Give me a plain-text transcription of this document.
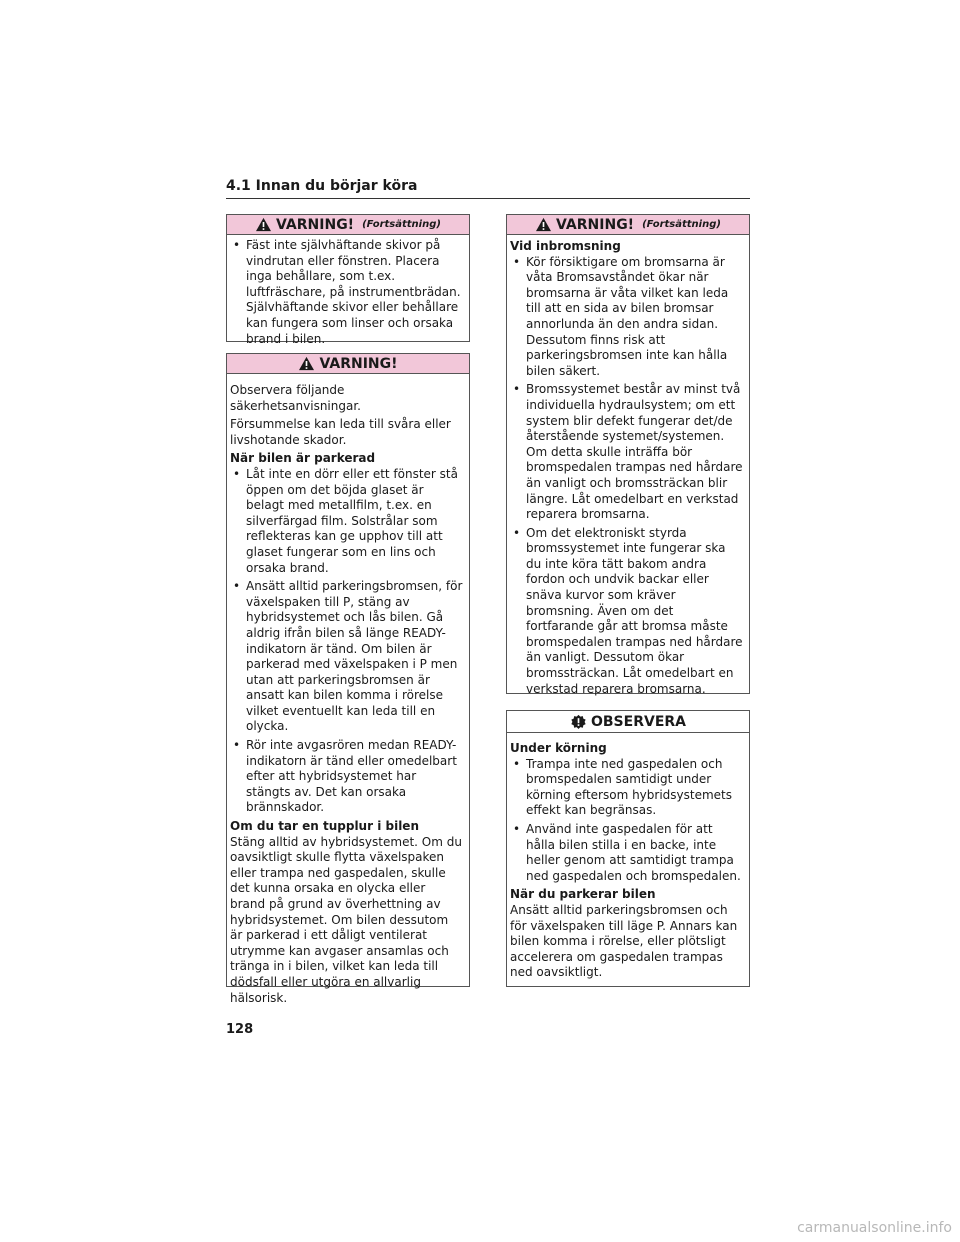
4.1 Innan du börjar köra
VARNING! (Fortsättning)
• Fäst inte självhäftande skivor på vindrutan eller fönstren. Placera inga behållare, som t.ex. luftfräschare, på instrumentbrädan. Självhäftande skivor eller behållare kan fungera som linser och orsaka brand i bilen.
VARNING!

Observera följande säkerhetsanvisningar.

Försummelse kan leda till svåra eller livshotande skador.

När bilen är parkerad
• Låt inte en dörr eller ett fönster stå öppen om det böjda glaset är belagt med metallfilm, t.ex. en silverfärgad film. Solstrålar som reflekteras kan ge upphov till att glaset fungerar som en lins och orsaka brand.
• Ansätt alltid parkeringsbromsen, för växelspaken till P, stäng av hybridsystemet och lås bilen. Gå aldrig ifrån bilen så länge READY-indikatorn är tänd. Om bilen är parkerad med växelspaken i P men utan att parkeringsbromsen är ansatt kan bilen komma i rörelse vilket eventuellt kan leda till en olycka.
• Rör inte avgasrören medan READY-indikatorn är tänd eller omedelbart efter att hybridsystemet har stängts av. Det kan orsaka brännskador.
Om du tar en tupplur i bilen

Stäng alltid av hybridsystemet. Om du oavsiktligt skulle flytta växelspaken eller trampa ned gaspedalen, skulle det kunna orsaka en olycka eller brand på grund av överhettning av hybridsystemet. Om bilen dessutom är parkerad i ett dåligt ventilerat utrymme kan avgaser ansamlas och tränga in i bilen, vilket kan leda till dödsfall eller utgöra en allvarlig hälsorisk.

VARNING! (Fortsättning)
Vid inbromsning
• Kör försiktigare om bromsarna är våta Bromsavståndet ökar när bromsarna är våta vilket kan leda till att en sida av bilen bromsar annorlunda än den andra sidan. Dessutom finns risk att parkeringsbromsen inte kan hålla bilen säkert.
• Bromssystemet består av minst två individuella hydraulsystem; om ett system blir defekt fungerar det/de återstående systemet/systemen. Om detta skulle inträffa bör bromspedalen trampas ned hårdare än vanligt och bromssträckan blir längre. Låt omedelbart en verkstad reparera bromsarna.
• Om det elektroniskt styrda bromssystemet inte fungerar ska du inte köra tätt bakom andra fordon och undvik backar eller snäva kurvor som kräver bromsning. Även om det fortfarande går att bromsa måste bromspedalen trampas ned hårdare än vanligt. Dessutom ökar bromssträckan. Låt omedelbart en verkstad reparera bromsarna.
OBSERVERA
Under körning
• Trampa inte ned gaspedalen och bromspedalen samtidigt under körning eftersom hybridsystemets effekt kan begränsas.
• Använd inte gaspedalen för att hålla bilen stilla i en backe, inte heller genom att samtidigt trampa ned gaspedalen och bromspedalen.
När du parkerar bilen

Ansätt alltid parkeringsbromsen och för växelspaken till läge P. Annars kan bilen komma i rörelse, eller plötsligt accelerera om gaspedalen trampas ned oavsiktligt.

128
carmanualsonline.info
